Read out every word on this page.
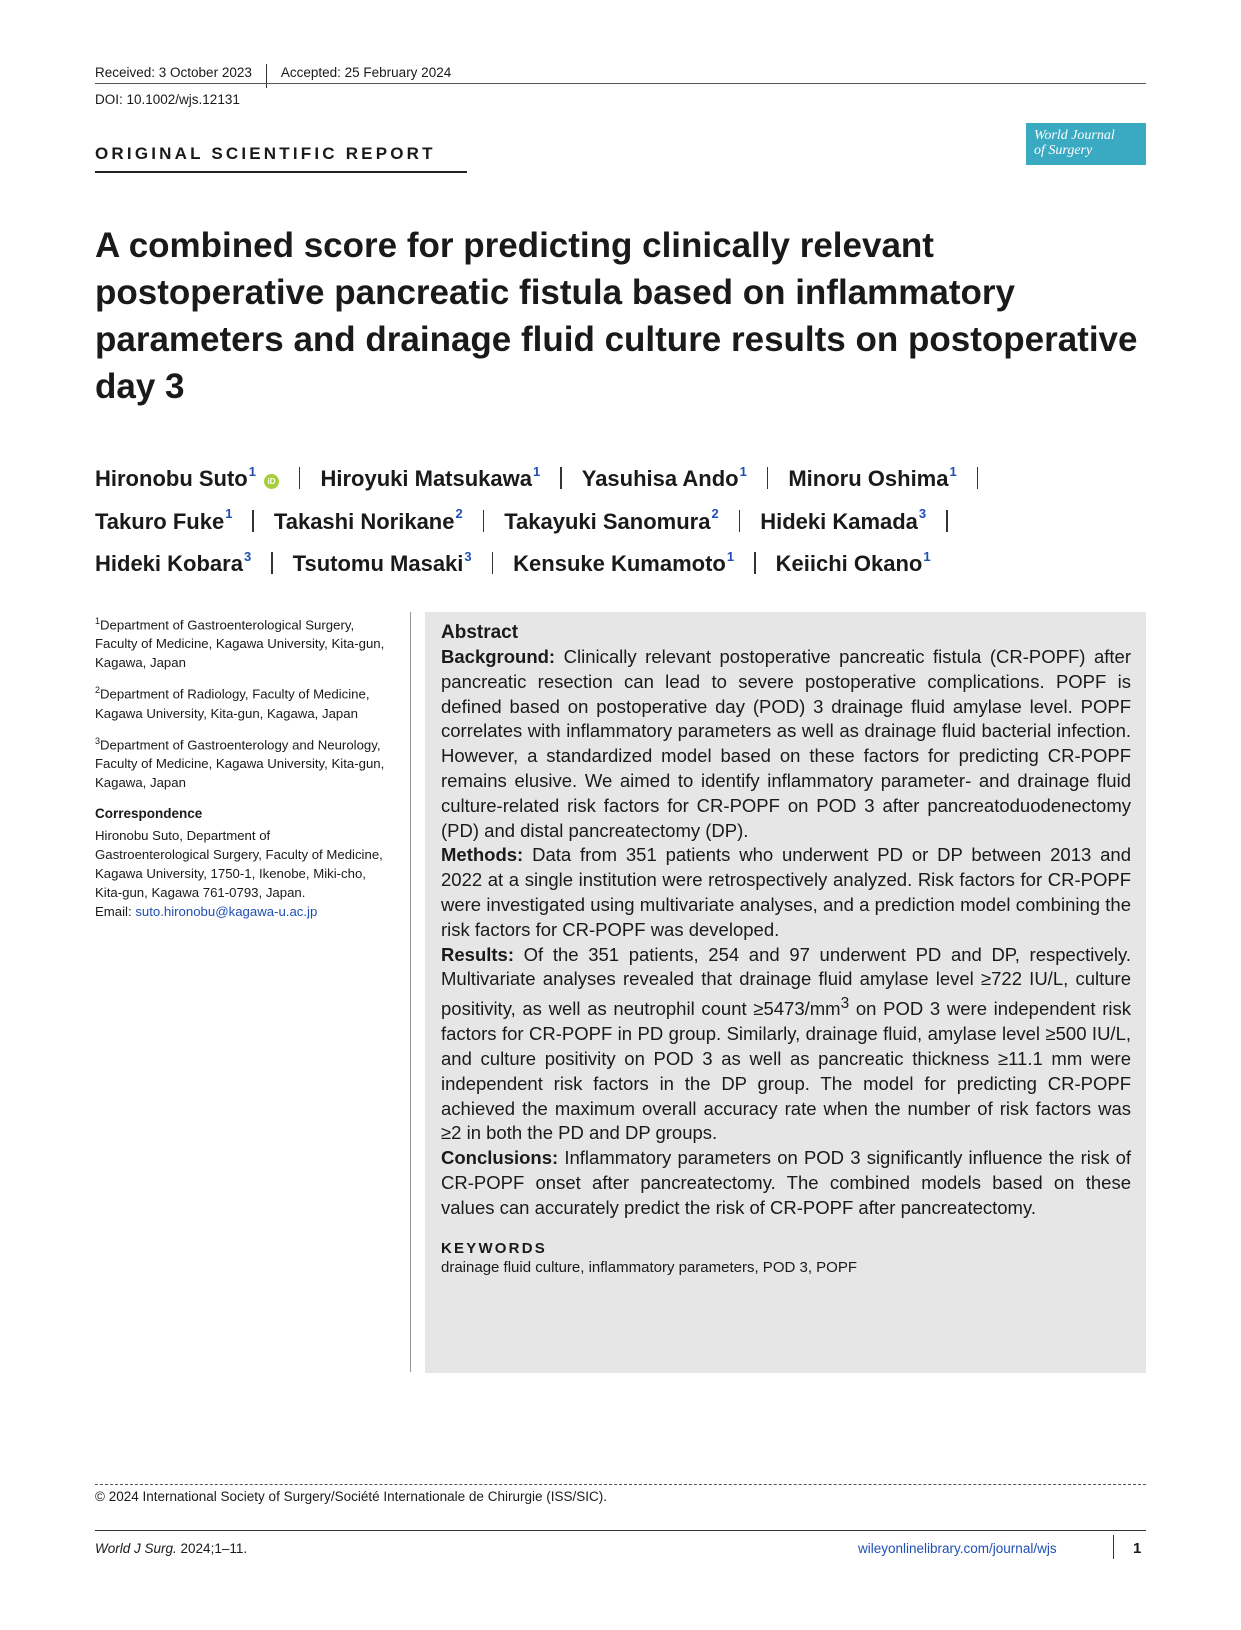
Received: 3 October 2023 Accepted: 25 February 2024
DOI: 10.1002/wjs.12131
ORIGINAL SCIENTIFIC REPORT
World Journal
of Surgery
A combined score for predicting clinically relevant postoperative pancreatic fistula based on inflammatory parameters and drainage fluid culture results on postoperative day 3
Hironobu Suto$^1$iD Hiroyuki Matsukawa$^1$ Yasuhisa Ando$^1$ Minoru Oshima$^1$
Takuro Fuke$^1$ Takashi Norikane$^2$ Takayuki Sanomura$^2$ Hideki Kamada$^3$
Hideki Kobara$^3$ Tsutomu Masaki$^3$ Kensuke Kumamoto$^1$ Keiichi Okano$^1$

$^1$Department of Gastroenterological Surgery, Faculty of Medicine, Kagawa University, Kita-gun, Kagawa, Japan

$^2$Department of Radiology, Faculty of Medicine, Kagawa University, Kita-gun, Kagawa, Japan

$^3$Department of Gastroenterology and Neurology, Faculty of Medicine, Kagawa University, Kita-gun, Kagawa, Japan

Correspondence
Hironobu Suto, Department of Gastroenterological Surgery, Faculty of Medicine, Kagawa University, 1750-1, Ikenobe, Miki-cho, Kita-gun, Kagawa 761-0793, Japan.
Email: suto.hironobu@kagawa-u.ac.jp
Abstract

Background: Clinically relevant postoperative pancreatic fistula (CR-POPF) after pancreatic resection can lead to severe postoperative complications. POPF is defined based on postoperative day (POD) 3 drainage fluid amylase level. POPF correlates with inflammatory parameters as well as drainage fluid bacterial infection. However, a standardized model based on these factors for predicting CR-POPF remains elusive. We aimed to identify inflammatory parameter- and drainage fluid culture-related risk factors for CR-POPF on POD 3 after pancreatoduodenectomy (PD) and distal pancreatectomy (DP).

Methods: Data from 351 patients who underwent PD or DP between 2013 and 2022 at a single institution were retrospectively analyzed. Risk factors for CR-POPF were investigated using multivariate analyses, and a prediction model combining the risk factors for CR-POPF was developed.

Results: Of the 351 patients, 254 and 97 underwent PD and DP, respectively. Multivariate analyses revealed that drainage fluid amylase level ≥722 IU/L, culture positivity, as well as neutrophil count $\ge 5473/mm^3$ on POD 3 were independent risk factors for CR-POPF in PD group. Similarly, drainage fluid, amylase level ≥500 IU/L, and culture positivity on POD 3 as well as pancreatic thickness ≥11.1 mm were independent risk factors in the DP group. The model for predicting CR-POPF achieved the maximum overall accuracy rate when the number of risk factors was ≥2 in both the PD and DP groups.

Conclusions: Inflammatory parameters on POD 3 significantly influence the risk of CR-POPF onset after pancreatectomy. The combined models based on these values can accurately predict the risk of CR-POPF after pancreatectomy.

KEYWORDS
drainage fluid culture, inflammatory parameters, POD 3, POPF
© 2024 International Society of Surgery/Société Internationale de Chirurgie (ISS/SIC).
World J Surg. 2024;1–11.	wileyonlinelibrary.com/journal/wjs	1
